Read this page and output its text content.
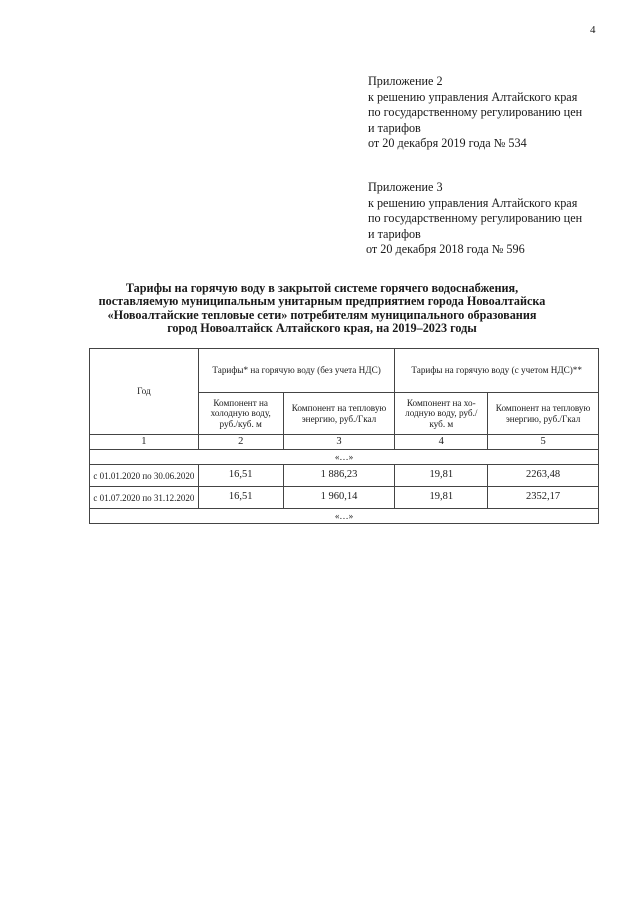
4
Приложение 2
к решению управления Алтайского края
по государственному регулированию цен
и тарифов
от 20 декабря 2019 года № 534
Приложение 3
к решению управления Алтайского края
по государственному регулированию цен
и тарифов
от 20 декабря 2018 года № 596
Тарифы на горячую воду в закрытой системе горячего водоснабжения,
поставляемую муниципальным унитарным предприятием города Новоалтайска
«Новоалтайские тепловые сети» потребителям муниципального образования
город Новоалтайск Алтайского края, на 2019–2023 годы
Год	Тарифы* на горячую воду (без учета НДС)		Тарифы на горячую воду (с учетом НДС)**	
	Компонент на холодную воду, руб./куб. м	Компонент на тепловую энергию, руб./Гкал	Компонент на хо- лодную воду, руб./куб. м	Компонент на тепловую энергию, руб./Гкал
1	2	3	4	5
«…»				
с 01.01.2020 по 30.06.2020	16,51	1 886,23	19,81	2263,48
с 01.07.2020 по 31.12.2020	16,51	1 960,14	19,81	2352,17
«…»				
